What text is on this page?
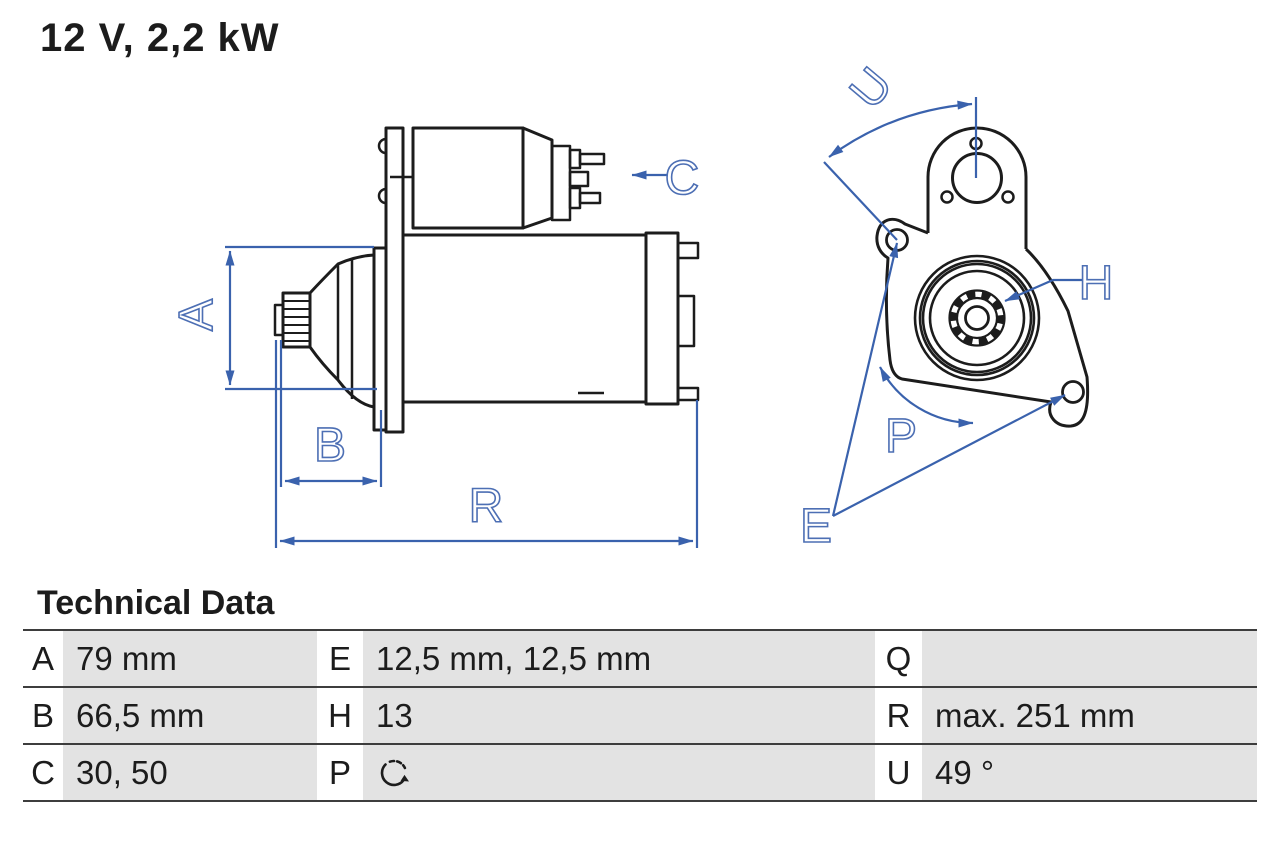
12 V, 2,2 kW
A
B
C
R
U
H
P
E
Technical Data
A 79 mm	E 12,5 mm, 12,5 mm	Q
B 66,5 mm	H 13	R max. 251 mm
C 30, 50	P	U 49 °
